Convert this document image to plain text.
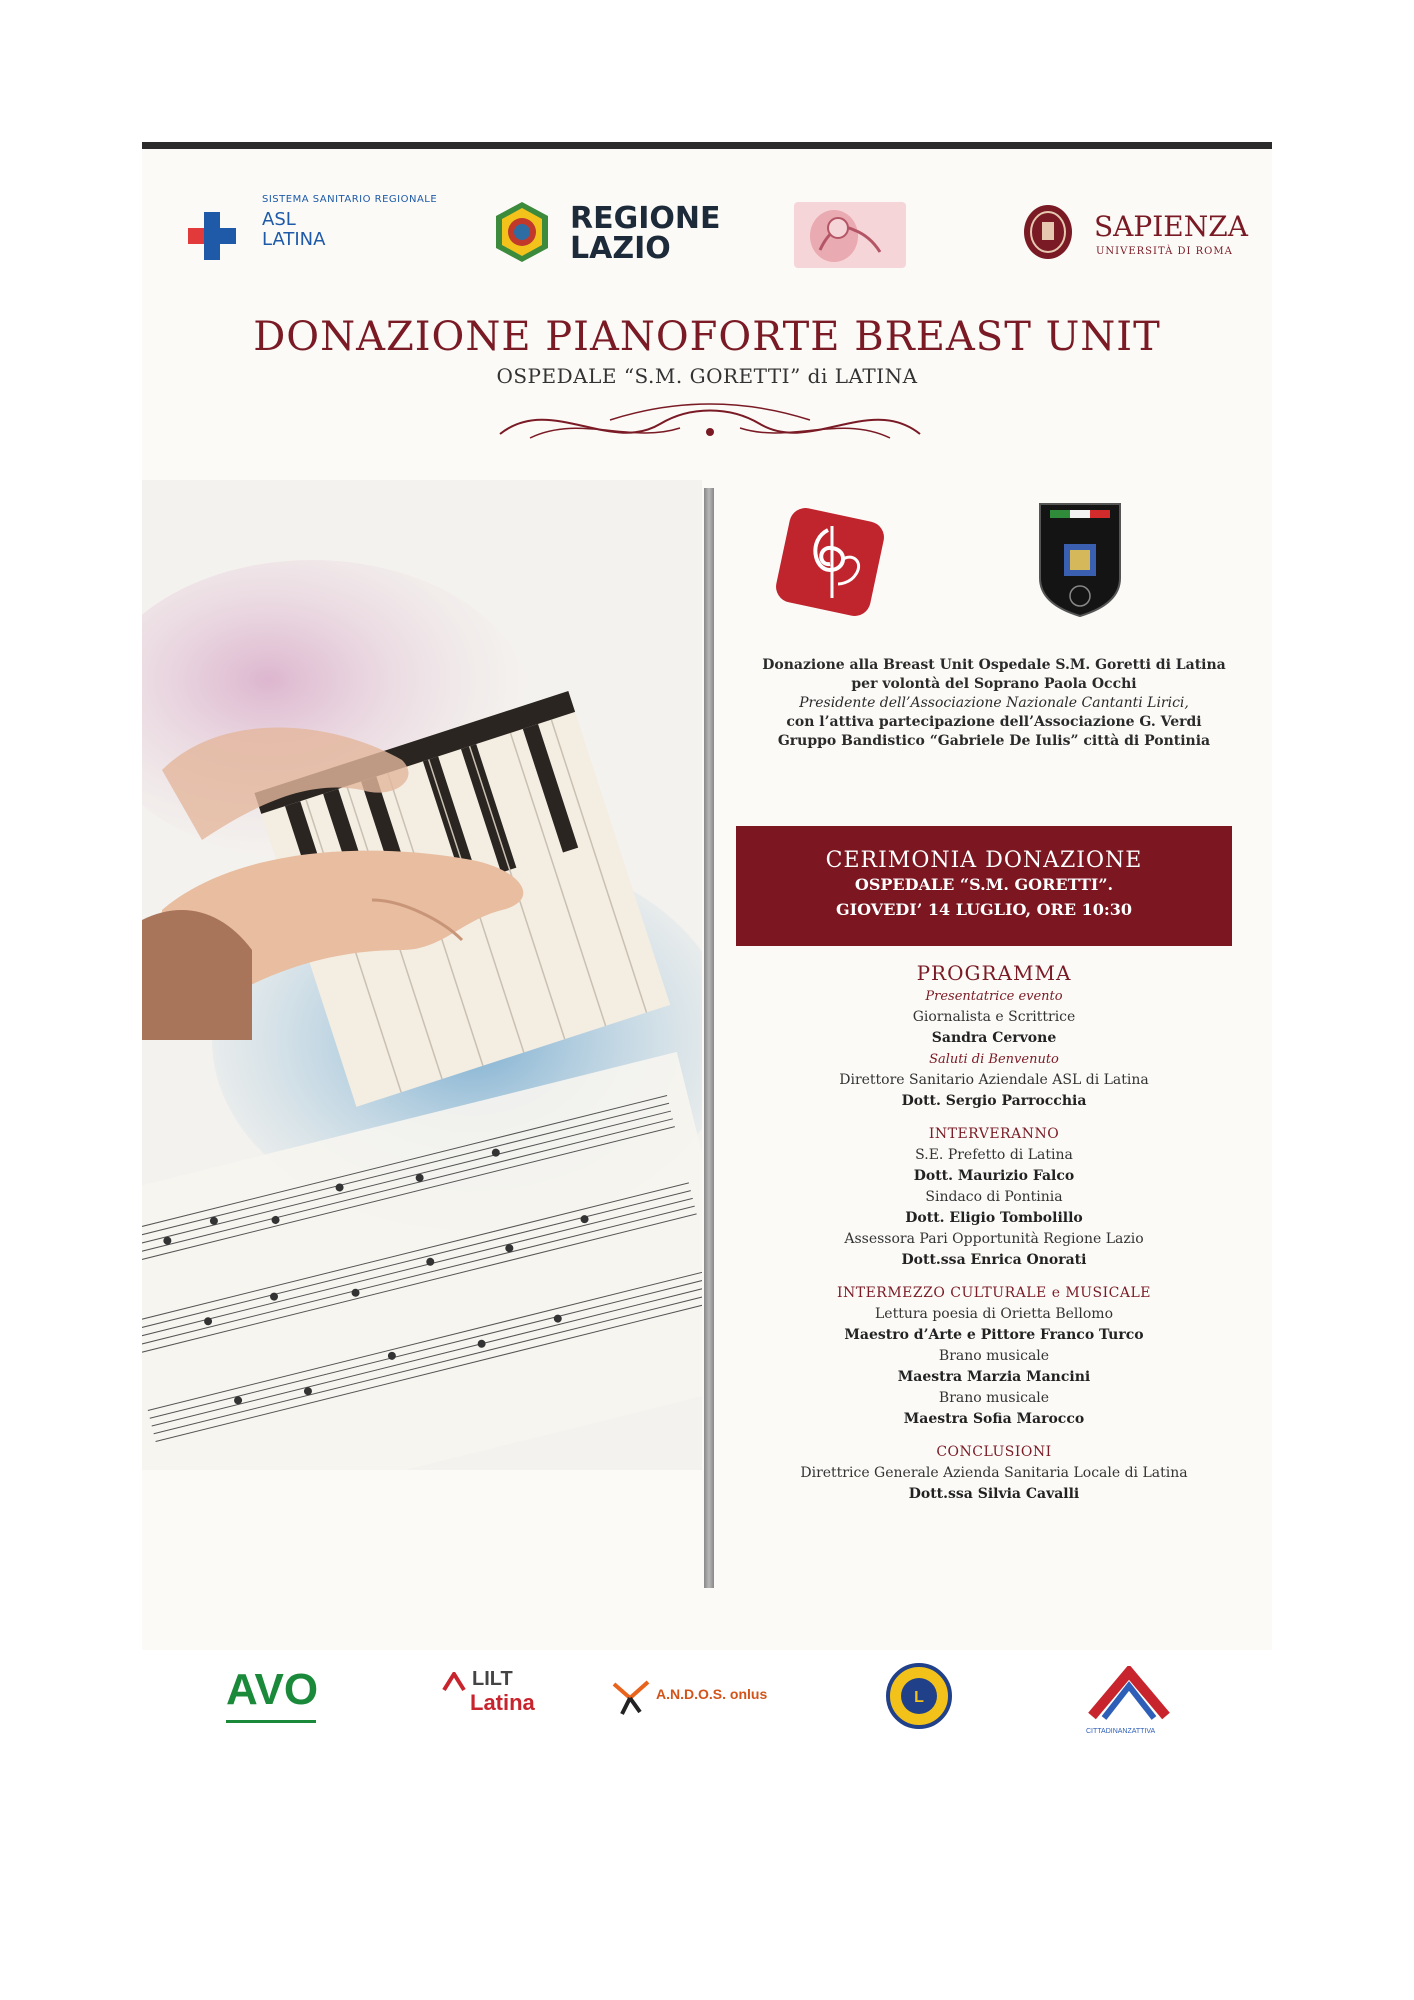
SISTEMA SANITARIO REGIONALE
ASL
LATINA
REGIONE
LAZIO
SAPIENZA
UNIVERSITÀ DI ROMA
DONAZIONE PIANOFORTE BREAST UNIT
OSPEDALE “S.M. GORETTI” di LATINA
Donazione alla Breast Unit Ospedale S.M. Goretti di Latina
per volontà del Soprano Paola Occhi
Presidente dell’Associazione Nazionale Cantanti Lirici,
con l’attiva partecipazione dell’Associazione G. Verdi
Gruppo Bandistico “Gabriele De Iulis” città di Pontinia
CERIMONIA DONAZIONE
OSPEDALE “S.M. GORETTI”.
GIOVEDI’ 14 LUGLIO, ORE 10:30
PROGRAMMA
Presentatrice evento
Giornalista e Scrittrice
Sandra Cervone
Saluti di Benvenuto
Direttore Sanitario Aziendale ASL di Latina
Dott. Sergio Parrocchia
INTERVERANNO
S.E. Prefetto di Latina
Dott. Maurizio Falco
Sindaco di Pontinia
Dott. Eligio Tombolillo
Assessora Pari Opportunità Regione Lazio
Dott.ssa Enrica Onorati
INTERMEZZO CULTURALE e MUSICALE
Lettura poesia di Orietta Bellomo
Maestro d’Arte e Pittore Franco Turco
Brano musicale
Maestra Marzia Mancini
Brano musicale
Maestra Sofia Marocco
CONCLUSIONI
Direttrice Generale Azienda Sanitaria Locale di Latina
Dott.ssa Silvia Cavalli
AVO	LILT
Latina	A.N.D.O.S. onlus	L
CITTADINANZATTIVA
